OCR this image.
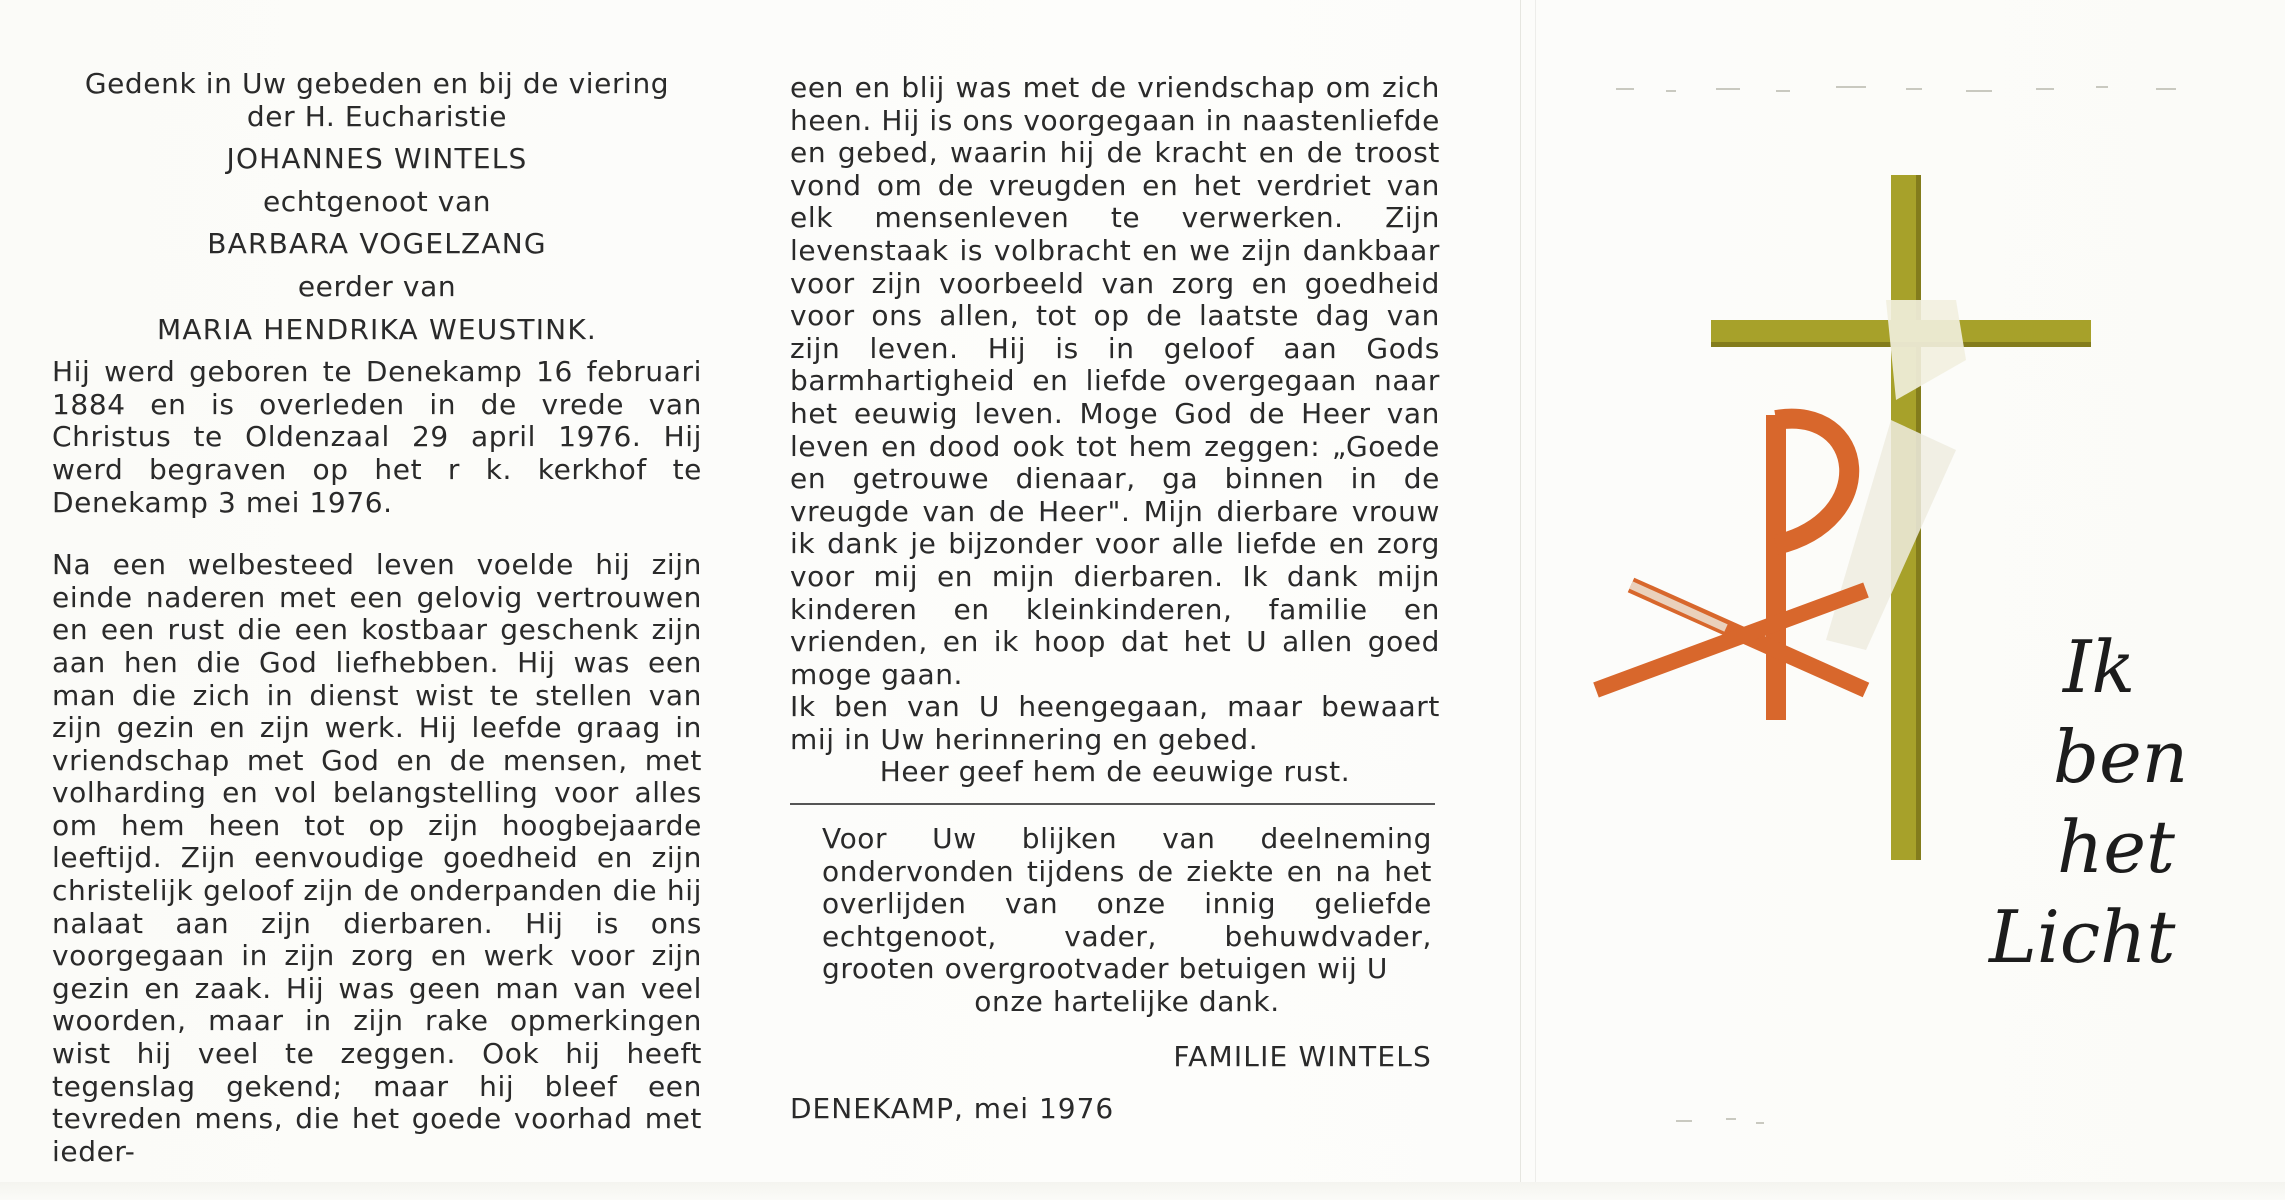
Gedenk in Uw gebeden en bij de viering
der H. Eucharistie
JOHANNES WINTELS
echtgenoot van
BARBARA VOGELZANG
eerder van
MARIA HENDRIKA WEUSTINK.

Hij werd geboren te Denekamp 16 februari 1884 en is overleden in de vrede van Christus te Oldenzaal 29 april 1976. Hij werd begraven op het r k. kerkhof te Denekamp 3 mei 1976.

Na een welbesteed leven voelde hij zijn einde naderen met een gelovig vertrouwen en een rust die een kostbaar geschenk zijn aan hen die God liefhebben. Hij was een man die zich in dienst wist te stellen van zijn gezin en zijn werk. Hij leefde graag in vriendschap met God en de mensen, met volharding en vol belangstelling voor alles om hem heen tot op zijn hoogbejaarde leeftijd. Zijn eenvoudige goedheid en zijn christelijk geloof zijn de onderpanden die hij nalaat aan zijn dierbaren. Hij is ons voorgegaan in zijn zorg en werk voor zijn gezin en zaak. Hij was geen man van veel woorden, maar in zijn rake opmerkingen wist hij veel te zeggen. Ook hij heeft tegenslag gekend; maar hij bleef een tevreden mens, die het goede voorhad met ieder-

een en blij was met de vriendschap om zich heen. Hij is ons voorgegaan in naastenliefde en gebed, waarin hij de kracht en de troost vond om de vreugden en het verdriet van elk mensenleven te verwerken. Zijn levenstaak is volbracht en we zijn dankbaar voor zijn voorbeeld van zorg en goedheid voor ons allen, tot op de laatste dag van zijn leven. Hij is in geloof aan Gods barmhartigheid en liefde overgegaan naar het eeuwig leven. Moge God de Heer van leven en dood ook tot hem zeggen: „Goede en getrouwe dienaar, ga binnen in de vreugde van de Heer". Mijn dierbare vrouw ik dank je bijzonder voor alle liefde en zorg voor mij en mijn dierbaren. Ik dank mijn kinderen en kleinkinderen, familie en vrienden, en ik hoop dat het U allen goed moge gaan.

Ik ben van U heengegaan, maar bewaart mij in Uw herinnering en gebed.

Heer geef hem de eeuwige rust.

Voor Uw blijken van deelneming ondervonden tijdens de ziekte en na het overlijden van onze innig geliefde echtgenoot, vader, behuwdvader, grooten overgrootvader betuigen wij U

onze hartelijke dank.
FAMILIE WINTELS
DENEKAMP, mei 1976
Ik
ben
het
Licht
